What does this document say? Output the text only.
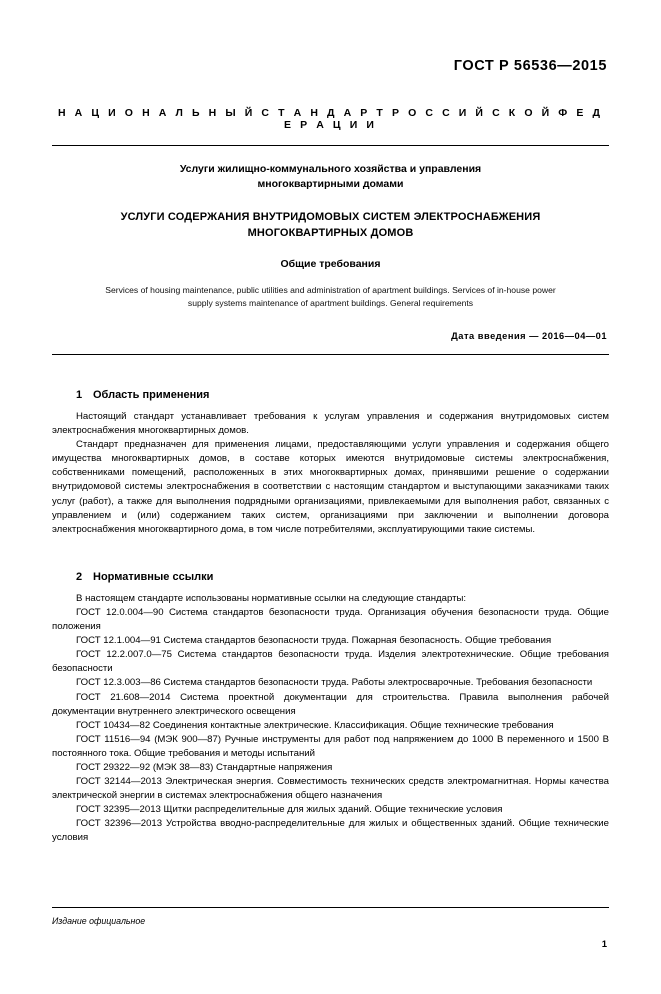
ГОСТ Р 56536—2015
Н А Ц И О Н А Л Ь Н Ы Й С Т А Н Д А Р Т Р О С С И Й С К О Й Ф Е Д Е Р А Ц И И
Услуги жилищно-коммунального хозяйства и управления
многоквартирными домами
УСЛУГИ СОДЕРЖАНИЯ ВНУТРИДОМОВЫХ СИСТЕМ ЭЛЕКТРОСНАБЖЕНИЯ
МНОГОКВАРТИРНЫХ ДОМОВ
Общие требования
Services of housing maintenance, public utilities and administration of apartment buildings. Services of in-house power
supply systems maintenance of apartment buildings. General requirements
Дата введения — 2016—04—01
1 Область применения

Настоящий стандарт устанавливает требования к услугам управления и содержания внутридомовых систем электроснабжения многоквартирных домов.

Стандарт предназначен для применения лицами, предоставляющими услуги управления и содержания общего имущества многоквартирных домов, в составе которых имеются внутридомовые системы электроснабжения, собственниками помещений, расположенных в этих многоквартирных домах, принявшими решение о содержании внутридомовой системы электроснабжения в соответствии с настоящим стандартом и выступающими заказчиками таких услуг (работ), а также для выполнения подрядными организациями, привлекаемыми для выполнения работ, связанных с управлением и (или) содержанием таких систем, организациями при заключении и выполнении договора электроснабжения многоквартирного дома, в том числе потребителями, эксплуатирующими такие системы.

2 Нормативные ссылки

В настоящем стандарте использованы нормативные ссылки на следующие стандарты:

ГОСТ 12.0.004—90 Система стандартов безопасности труда. Организация обучения безопасности труда. Общие положения

ГОСТ 12.1.004—91 Система стандартов безопасности труда. Пожарная безопасность. Общие требования

ГОСТ 12.2.007.0—75 Система стандартов безопасности труда. Изделия электротехнические. Общие требования безопасности

ГОСТ 12.3.003—86 Система стандартов безопасности труда. Работы электросварочные. Требования безопасности

ГОСТ 21.608—2014 Система проектной документации для строительства. Правила выполнения рабочей документации внутреннего электрического освещения

ГОСТ 10434—82 Соединения контактные электрические. Классификация. Общие технические требования

ГОСТ 11516—94 (МЭК 900—87) Ручные инструменты для работ под напряжением до 1000 В переменного и 1500 В постоянного тока. Общие требования и методы испытаний

ГОСТ 29322—92 (МЭК 38—83) Стандартные напряжения

ГОСТ 32144—2013 Электрическая энергия. Совместимость технических средств электромагнитная. Нормы качества электрической энергии в системах электроснабжения общего назначения

ГОСТ 32395—2013 Щитки распределительные для жилых зданий. Общие технические условия

ГОСТ 32396—2013 Устройства вводно-распределительные для жилых и общественных зданий. Общие технические условия

Издание официальное
1
